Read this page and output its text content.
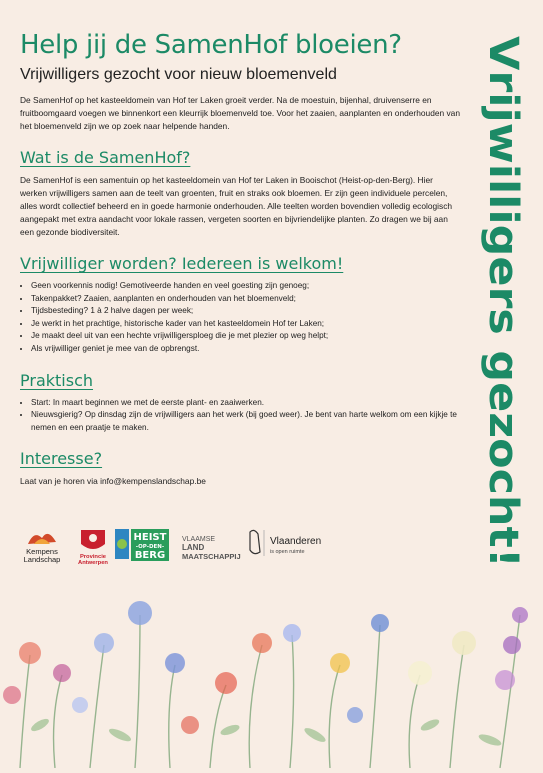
Help jij de SamenHof bloeien?
Vrijwilligers gezocht voor nieuw bloemenveld

De SamenHof op het kasteeldomein van Hof ter Laken groeit verder. Na de moestuin, bijenhal, druivenserre en fruitboomgaard voegen we binnenkort een kleurrijk bloemenveld toe. Voor het zaaien, aanplanten en onderhouden van het bloemenveld zijn we op zoek naar helpende handen.

Wat is de SamenHof?

De SamenHof is een samentuin op het kasteeldomein van Hof ter Laken in Booischot (Heist-op-den-Berg). Hier werken vrijwilligers samen aan de teelt van groenten, fruit en straks ook bloemen. Er zijn geen individuele percelen, alles wordt collectief beheerd en in goede harmonie onderhouden. Alle teelten worden bovendien volledig ecologisch aangepakt met extra aandacht voor lokale rassen, vergeten soorten en bijvriendelijke planten. Zo dragen we bij aan een gezonde biodiversiteit.

Vrijwilliger worden? Iedereen is welkom!
• Geen voorkennis nodig! Gemotiveerde handen en veel goesting zijn genoeg;
• Takenpakket? Zaaien, aanplanten en onderhouden van het bloemenveld;
• Tijdsbesteding? 1 à 2 halve dagen per week;
• Je werkt in het prachtige, historische kader van het kasteeldomein Hof ter Laken;
• Je maakt deel uit van een hechte vrijwilligersploeg die je met plezier op weg helpt;
• Als vrijwilliger geniet je mee van de opbrengst.
Praktisch
• Start: In maart beginnen we met de eerste plant- en zaaiwerken.
• Nieuwsgierig? Op dinsdag zijn de vrijwilligers aan het werk (bij goed weer). Je bent van harte welkom om een kijkje te nemen en een praatje te maken.
Interesse?

Laat van je horen via info@kempenslandschap.be	Vrijwilligers gezocht!
Kempens
Landschap	Provincie
Antwerpen
HEIST
-OP-DEN-
BERG
VLAAMSE
LAND
MAATSCHAPPIJ
Vlaanderen
is open ruimte
